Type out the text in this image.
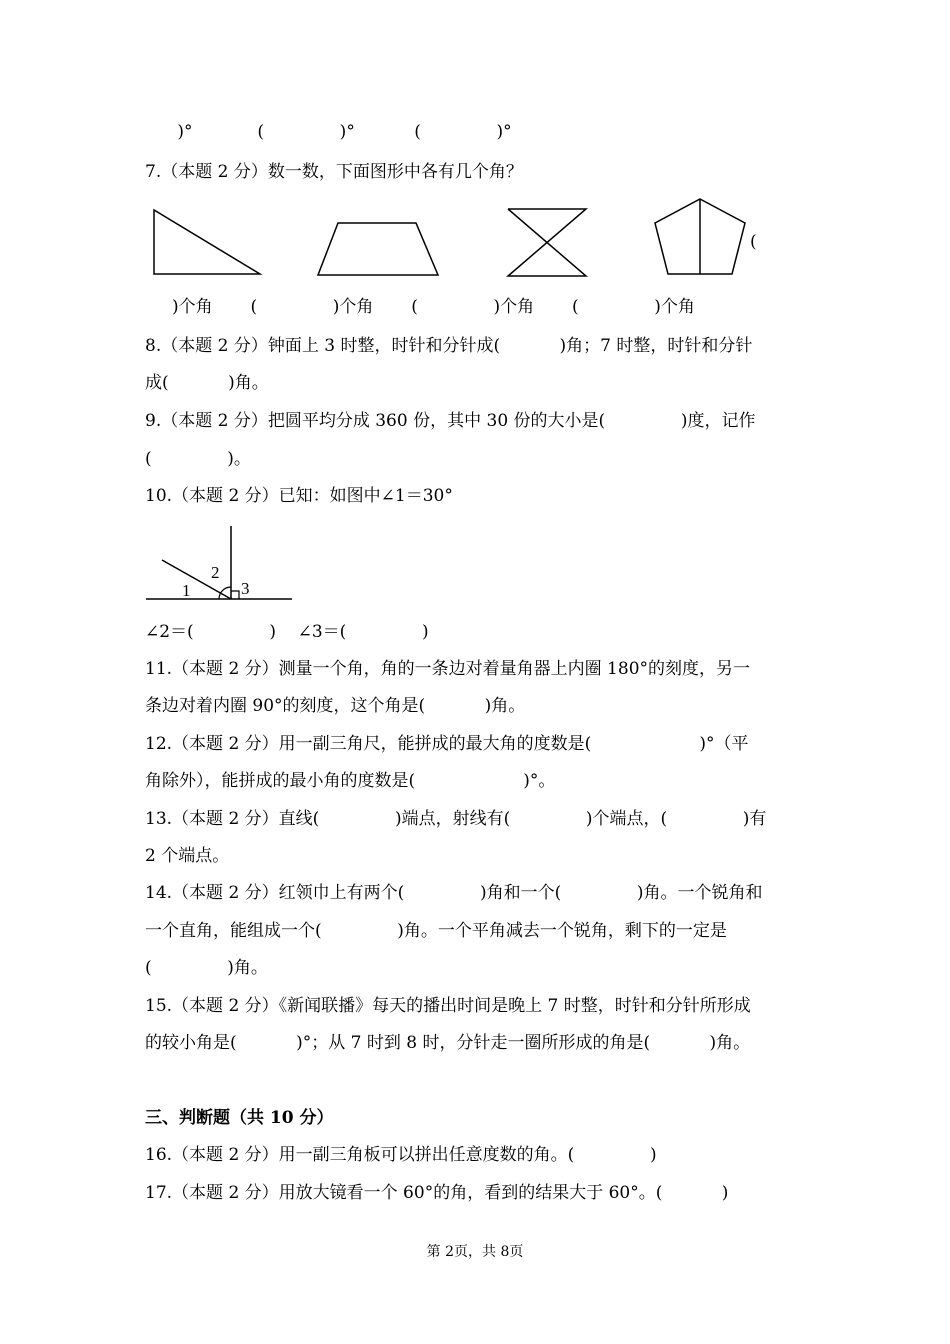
)°            (              )°           (              )°
7.（本题 2 分）数一数，下面图形中各有几个角？
(
)个角       (              )个角       (              )个角       (              )个角
8.（本题 2 分）钟面上 3 时整，时针和分针成(           )角；7 时整，时针和分针
成(           )角。
9.（本题 2 分）把圆平均分成 360 份，其中 30 份的大小是(              )度，记作
(              )。
10.（本题 2 分）已知：如图中∠1＝30°
1
2
3
∠2＝(              )    ∠3＝(              )
11.（本题 2 分）测量一个角，角的一条边对着量角器上内圈 180°的刻度，另一
条边对着内圈 90°的刻度，这个角是(           )角。
12.（本题 2 分）用一副三角尺，能拼成的最大角的度数是(                    )°（平
角除外），能拼成的最小角的度数是(                    )°。
13.（本题 2 分）直线(              )端点，射线有(              )个端点，(              )有
2 个端点。
14.（本题 2 分）红领巾上有两个(              )角和一个(              )角。一个锐角和
一个直角，能组成一个(              )角。一个平角减去一个锐角，剩下的一定是
(              )角。
15.（本题 2 分）《新闻联播》每天的播出时间是晚上 7 时整，时针和分针所形成
的较小角是(           )°；从 7 时到 8 时，分针走一圈所形成的角是(           )角。
三、判断题（共 10 分）
16.（本题 2 分）用一副三角板可以拼出任意度数的角。(              )
17.（本题 2 分）用放大镜看一个 60°的角，看到的结果大于 60°。(           )
第 2页，共 8页
